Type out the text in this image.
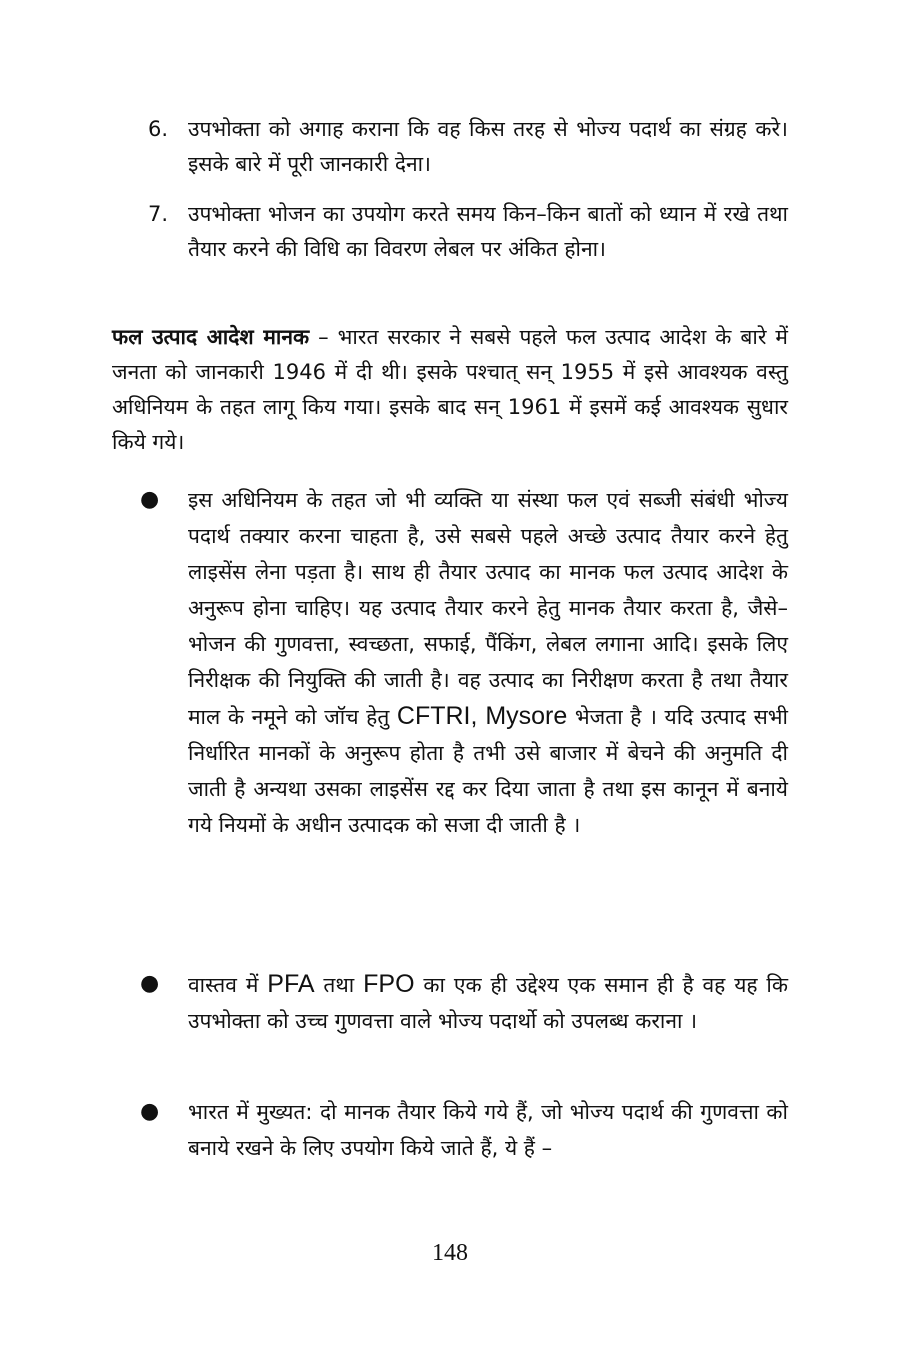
6. उपभोक्ता को अगाह कराना कि वह किस तरह से भोज्य पदार्थ का संग्रह करे। इसके बारे में पूरी जानकारी देना।
7. उपभोक्ता भोजन का उपयोग करते समय किन–किन बातों को ध्यान में रखे तथा तैयार करने की विधि का विवरण लेबल पर अंकित होना।
फल उत्पाद आदेश मानक – भारत सरकार ने सबसे पहले फल उत्पाद आदेश के बारे में जनता को जानकारी 1946 में दी थी। इसके पश्चात् सन् 1955 में इसे आवश्यक वस्तु अधिनियम के तहत लागू किय गया। इसके बाद सन् 1961 में इसमें कई आवश्यक सुधार किये गये।
●	इस अधिनियम के तहत जो भी व्यक्ति या संस्था फल एवं सब्जी संबंधी भोज्य पदार्थ तक्यार करना चाहता है, उसे सबसे पहले अच्छे उत्पाद तैयार करने हेतु लाइसेंस लेना पड़ता है। साथ ही तैयार उत्पाद का मानक फल उत्पाद आदेश के अनुरूप होना चाहिए। यह उत्पाद तैयार करने हेतु मानक तैयार करता है, जैसे– भोजन की गुणवत्ता, स्वच्छता, सफाई, पैंकिंग, लेबल लगाना आदि। इसके लिए निरीक्षक की नियुक्ति की जाती है। वह उत्पाद का निरीक्षण करता है तथा तैयार माल के नमूने को जॉच हेतु CFTRI, Mysore भेजता है । यदि उत्पाद सभी निर्धारित मानकों के अनुरूप होता है तभी उसे बाजार में बेचने की अनुमति दी जाती है अन्यथा उसका लाइसेंस रद्द कर दिया जाता है तथा इस कानून में बनाये गये नियमों के अधीन उत्पादक को सजा दी जाती है ।
●	वास्तव में PFA तथा FPO का एक ही उद्देश्य एक समान ही है वह यह कि उपभोक्ता को उच्च गुणवत्ता वाले भोज्य पदार्थो को उपलब्ध कराना ।
●	भारत में मुख्यत: दो मानक तैयार किये गये हैं, जो भोज्य पदार्थ की गुणवत्ता को बनाये रखने के लिए उपयोग किये जाते हैं, ये हैं –
148
